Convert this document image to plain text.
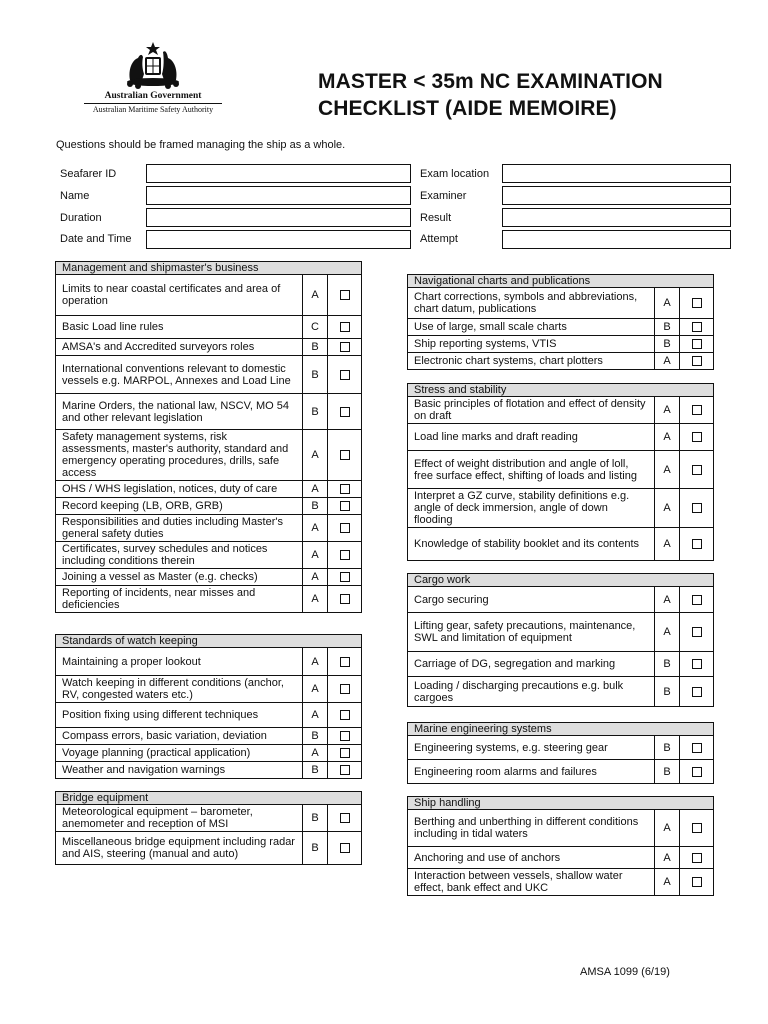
Australian Government
Australian Maritime Safety Authority
MASTER < 35m NC EXAMINATION
CHECKLIST (AIDE MEMOIRE)
Questions should be framed managing the ship as a whole.
Seafarer ID
Name
Duration
Date and Time
Exam location
Examiner
Result
Attempt
Management and shipmaster's business		
Limits to near coastal certificates and area of operation	A	
Basic Load line rules	C	
AMSA's and Accredited surveyors roles	B	
International conventions relevant to domestic vessels e.g. MARPOL, Annexes and Load Line	B	
Marine Orders, the national law, NSCV, MO 54 and other relevant legislation	B	
Safety management systems, risk assessments, master's authority, standard and emergency operating procedures, drills, safe access	A	
OHS / WHS legislation, notices, duty of care	A	
Record keeping (LB, ORB, GRB)	B	
Responsibilities and duties including Master's general safety duties	A	
Certificates, survey schedules and notices including conditions therein	A	
Joining a vessel as Master (e.g. checks)	A	
Reporting of incidents, near misses and deficiencies	A	
Standards of watch keeping		
Maintaining a proper lookout	A	
Watch keeping in different conditions (anchor, RV, congested waters etc.)	A	
Position fixing using different techniques	A	
Compass errors, basic variation, deviation	B	
Voyage planning (practical application)	A	
Weather and navigation warnings	B	
Bridge equipment		
Meteorological equipment – barometer, anemometer and reception of MSI	B	
Miscellaneous bridge equipment including radar and AIS, steering (manual and auto)	B	
Navigational charts and publications		
Chart corrections, symbols and abbreviations, chart datum, publications	A	
Use of large, small scale charts	B	
Ship reporting systems, VTIS	B	
Electronic chart systems, chart plotters	A	
Stress and stability		
Basic principles of flotation and effect of density on draft	A	
Load line marks and draft reading	A	
Effect of weight distribution and angle of loll, free surface effect, shifting of loads and listing	A	
Interpret a GZ curve, stability definitions e.g. angle of deck immersion, angle of down flooding	A	
Knowledge of stability booklet and its contents	A	
Cargo work		
Cargo securing	A	
Lifting gear, safety precautions, maintenance, SWL and limitation of equipment	A	
Carriage of DG, segregation and marking	B	
Loading / discharging precautions e.g. bulk cargoes	B	
Marine engineering systems		
Engineering systems, e.g. steering gear	B	
Engineering room alarms and failures	B	
Ship handling		
Berthing and unberthing in different conditions including in tidal waters	A	
Anchoring and use of anchors	A	
Interaction between vessels, shallow water effect, bank effect and UKC	A	
AMSA 1099 (6/19)
